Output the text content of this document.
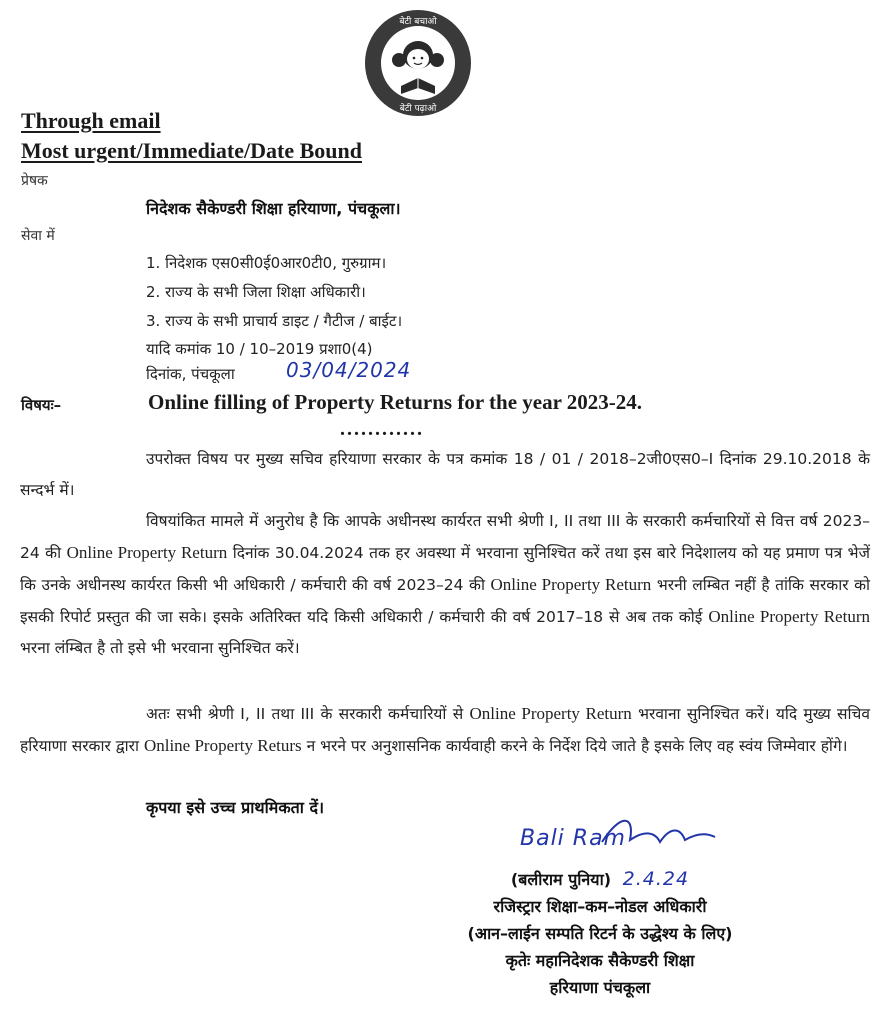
बेटी बचाओ
बेटी पढ़ाओ
Through email
Most urgent/Immediate/Date Bound
प्रेषक
निदेशक सैकेण्डरी शिक्षा हरियाणा, पंचकूला।
सेवा में
1. निदेशक एस0सी0ई0आर0टी0, गुरुग्राम।
2. राज्य के सभी जिला शिक्षा अधिकारी।
3. राज्य के सभी प्राचार्य डाइट / गैटीज / बाईट।
यादि कमांक 10 / 10–2019 प्रशा0(4)
दिनांक, पंचकूला	03/04/2024
विषयः–	Online filling of Property Returns for the year 2023-24.
............
उपरोक्त विषय पर मुख्य सचिव हरियाणा सरकार के पत्र कमांक 18 / 01 / 2018–2जी0एस0–I दिनांक 29.10.2018 के सन्दर्भ में।
विषयांकित मामले में अनुरोध है कि आपके अधीनस्थ कार्यरत सभी श्रेणी I, II तथा III के सरकारी कर्मचारियों से वित्त वर्ष 2023–24 की Online Property Return दिनांक 30.04.2024 तक हर अवस्था में भरवाना सुनिश्चित करें तथा इस बारे निदेशालय को यह प्रमाण पत्र भेजें कि उनके अधीनस्थ कार्यरत किसी भी अधिकारी / कर्मचारी की वर्ष 2023–24 की Online Property Return भरनी लम्बित नहीं है तांकि सरकार को इसकी रिपोर्ट प्रस्तुत की जा सके। इसके अतिरिक्त यदि किसी अधिकारी / कर्मचारी की वर्ष 2017–18 से अब तक कोई Online Property Return भरना लंम्बित है तो इसे भी भरवाना सुनिश्चित करें।
अतः सभी श्रेणी I, II तथा III के सरकारी कर्मचारियों से Online Property Return भरवाना सुनिश्चित करें। यदि मुख्य सचिव हरियाणा सरकार द्वारा Online Property Returs न भरने पर अनुशासनिक कार्यवाही करने के निर्देश दिये जाते है इसके लिए वह स्वंय जिम्मेवार होंगे।
कृपया इसे उच्च प्राथमिकता दें।
Bali Ram
(बलीराम पुनिया) 2.4.24
रजिस्ट्रार शिक्षा–कम–नोडल अधिकारी
(आन–लाईन सम्पति रिटर्न के उद्धेश्य के लिए)
कृतेः महानिदेशक सैकेण्डरी शिक्षा
हरियाणा पंचकूला
